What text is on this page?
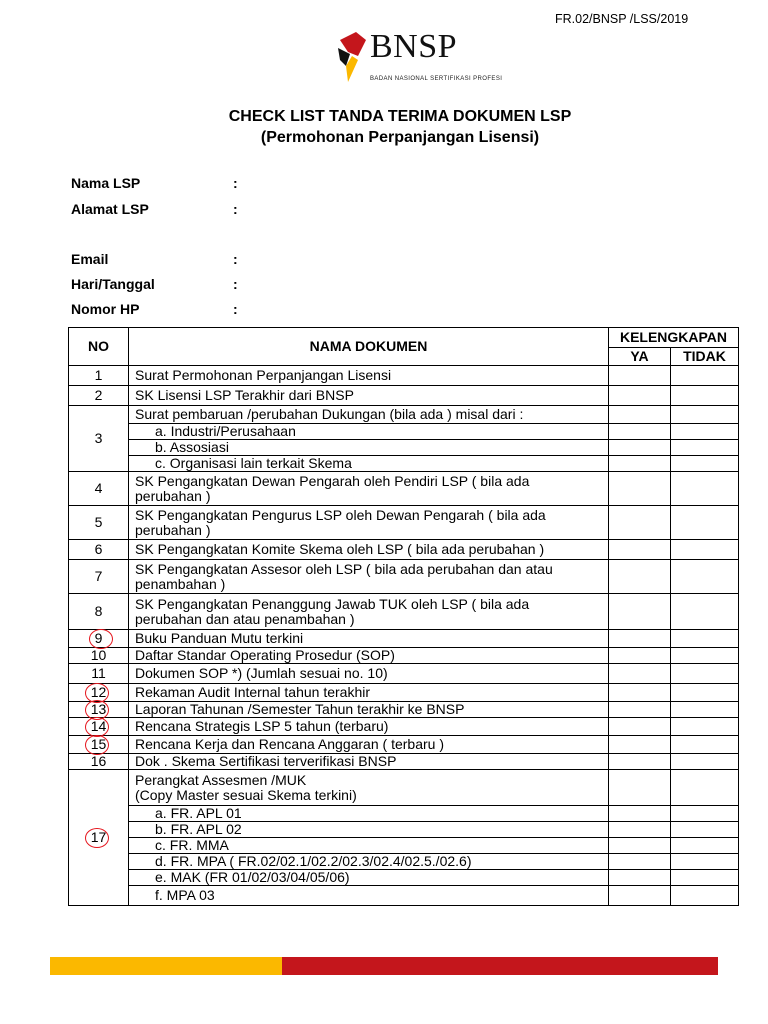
FR.02/BNSP /LSS/2019
BNSP
BADAN NASIONAL SERTIFIKASI PROFESI
CHECK LIST TANDA TERIMA DOKUMEN LSP
(Permohonan Perpanjangan Lisensi)
Nama LSP	:
Alamat LSP	:
Email	:
Hari/Tanggal	:
Nomor HP	:
NO	NAMA DOKUMEN	KELENGKAPAN	
		YA	TIDAK
1	Surat Permohonan Perpanjangan Lisensi		

2	SK Lisensi LSP Terakhir dari BNSP		

3	Surat pembaruan /perubahan Dukungan (bila ada ) misal dari :		

	a. Industri/Perusahaan		

	b. Assosiasi		

	c. Organisasi lain terkait Skema		

4	SK Pengangkatan Dewan Pengarah oleh Pendiri LSP ( bila ada
perubahan )		

5	SK Pengangkatan Pengurus LSP oleh Dewan Pengarah ( bila ada
perubahan )		

6	SK Pengangkatan Komite Skema oleh LSP ( bila ada perubahan )		

7	SK Pengangkatan Assesor oleh LSP ( bila ada perubahan dan atau
penambahan )		

8	SK Pengangkatan Penanggung Jawab TUK oleh LSP ( bila ada
perubahan dan atau penambahan )		

9	Buku Panduan Mutu terkini		

10	Daftar Standar Operating Prosedur (SOP)		

11	Dokumen SOP *) (Jumlah sesuai no. 10)		

12	Rekaman Audit Internal tahun terakhir		

13	Laporan Tahunan /Semester Tahun terakhir ke BNSP		

14	Rencana Strategis LSP 5 tahun (terbaru)		

15	Rencana Kerja dan Rencana Anggaran ( terbaru )		

16	Dok . Skema Sertifikasi terverifikasi BNSP		

17	Perangkat Assesmen /MUK
(Copy Master sesuai Skema terkini)		

	a. FR. APL 01		

	b. FR. APL 02		

	c. FR. MMA		

	d. FR. MPA ( FR.02/02.1/02.2/02.3/02.4/02.5./02.6)		

	e. MAK (FR 01/02/03/04/05/06)		

	f. MPA 03		
